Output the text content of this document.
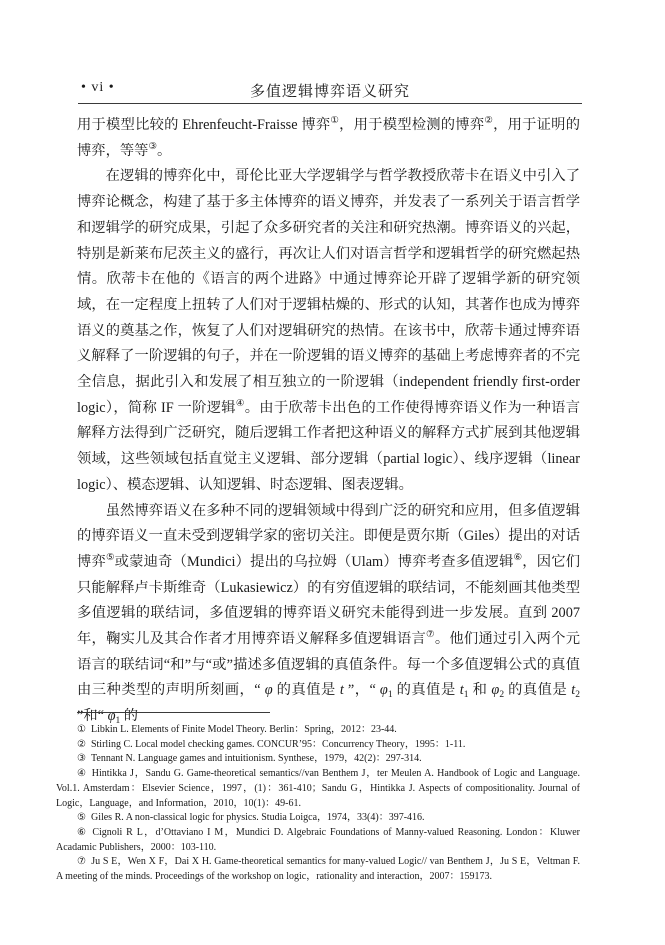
• vi •	多值逻辑博弈语义研究

用于模型比较的 Ehrenfeucht-Fraisse 博弈①，用于模型检测的博弈②，用于证明的博弈，等等③。

在逻辑的博弈化中，哥伦比亚大学逻辑学与哲学教授欣蒂卡在语义中引入了博弈论概念，构建了基于多主体博弈的语义博弈，并发表了一系列关于语言哲学和逻辑学的研究成果，引起了众多研究者的关注和研究热潮。博弈语义的兴起，特别是新莱布尼茨主义的盛行，再次让人们对语言哲学和逻辑哲学的研究燃起热情。欣蒂卡在他的《语言的两个进路》中通过博弈论开辟了逻辑学新的研究领域，在一定程度上扭转了人们对于逻辑枯燥的、形式的认知，其著作也成为博弈语义的奠基之作，恢复了人们对逻辑研究的热情。在该书中，欣蒂卡通过博弈语义解释了一阶逻辑的句子，并在一阶逻辑的语义博弈的基础上考虑博弈者的不完全信息，据此引入和发展了相互独立的一阶逻辑（independent friendly first-order logic），简称 IF 一阶逻辑④。由于欣蒂卡出色的工作使得博弈语义作为一种语言解释方法得到广泛研究，随后逻辑工作者把这种语义的解释方式扩展到其他逻辑领域，这些领域包括直觉主义逻辑、部分逻辑（partial logic）、线序逻辑（linear logic）、模态逻辑、认知逻辑、时态逻辑、图表逻辑。

虽然博弈语义在多种不同的逻辑领域中得到广泛的研究和应用，但多值逻辑的博弈语义一直未受到逻辑学家的密切关注。即便是贾尔斯（Giles）提出的对话博弈⑤或蒙迪奇（Mundici）提出的乌拉姆（Ulam）博弈考查多值逻辑⑥，因它们只能解释卢卡斯维奇（Lukasiewicz）的有穷值逻辑的联结词，不能刻画其他类型多值逻辑的联结词，多值逻辑的博弈语义研究未能得到进一步发展。直到 2007 年，鞠实儿及其合作者才用博弈语义解释多值逻辑语言⑦。他们通过引入两个元语言的联结词“和”与“或”描述多值逻辑的真值条件。每一个多值逻辑公式的真值由三种类型的声明所刻画，“ φ 的真值是 t ”，“ $\varphi_1$ 的真值是 $t_1$ 和 $\varphi_2$ 的真值是 $t_2$ ”和“ $\varphi_1$ 的

① Libkin L. Elements of Finite Model Theory. Berlin：Spring，2012：23-44.

② Stirling C. Local model checking games. CONCUR’95：Concurrency Theory，1995：1-11.

③ Tennant N. Language games and intuitionism. Synthese，1979，42(2)：297-314.

④ Hintikka J，Sandu G. Game-theoretical semantics//van Benthem J，ter Meulen A. Handbook of Logic and Language. Vol.1. Amsterdam：Elsevier Science，1997，(1)：361-410；Sandu G，Hintikka J. Aspects of compositionality. Journal of Logic，Language，and Information，2010，10(1)：49-61.

⑤ Giles R. A non-classical logic for physics. Studia Loigca，1974，33(4)：397-416.

⑥ Cignoli R L，d’Ottaviano I M，Mundici D. Algebraic Foundations of Manny-valued Reasoning. London：Kluwer Acadamic Publishers，2000：103-110.

⑦ Ju S E，Wen X F，Dai X H. Game-theoretical semantics for many-valued Logic// van Benthem J，Ju S E，Veltman F. A meeting of the minds. Proceedings of the workshop on logic，rationality and interaction，2007：159173.
